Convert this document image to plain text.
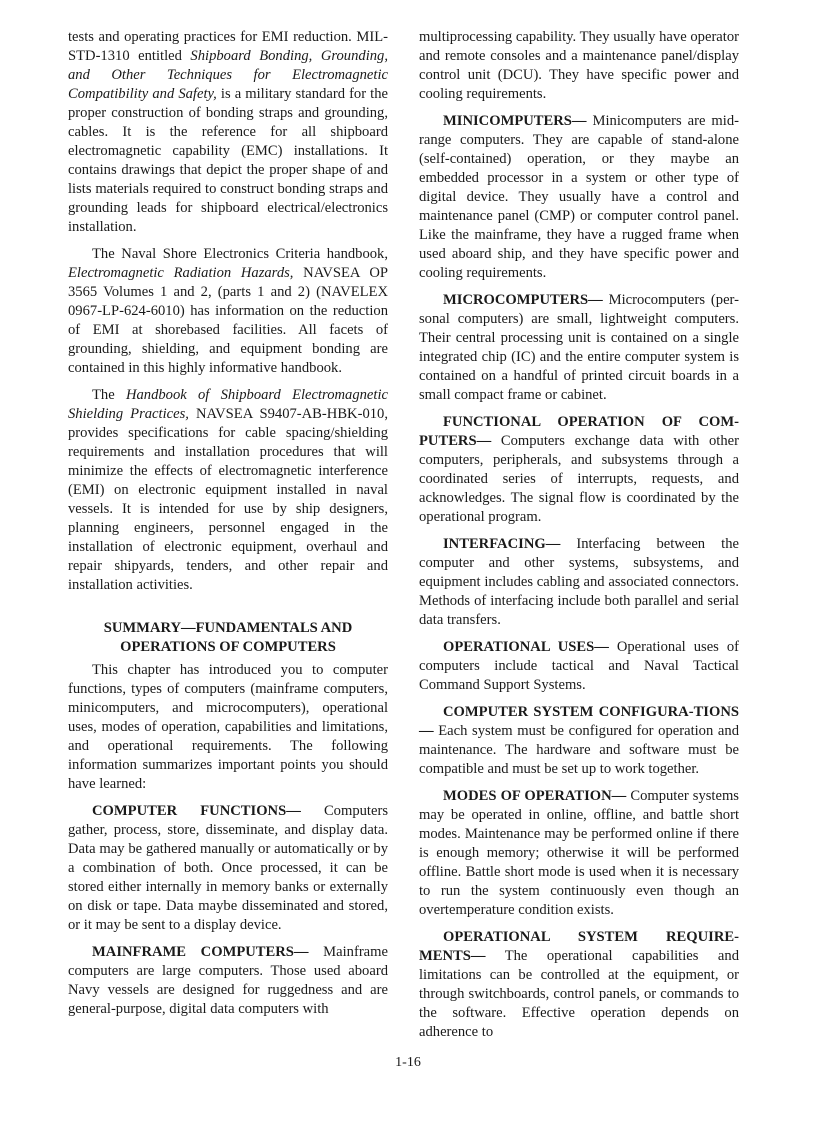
tests and operating practices for EMI reduction. MIL-STD-1310 entitled Shipboard Bonding, Grounding, and Other Techniques for Electromagnetic Compatibility and Safety, is a military standard for the proper construction of bonding straps and grounding, cables. It is the reference for all shipboard electromagnetic capability (EMC) installations. It contains drawings that depict the proper shape of and lists materials required to construct bonding straps and grounding leads for shipboard electrical/electronics installation.

The Naval Shore Electronics Criteria handbook, Electromagnetic Radiation Hazards, NAVSEA OP 3565 Volumes 1 and 2, (parts 1 and 2) (NAVELEX 0967-LP-624-6010) has information on the reduction of EMI at shorebased facilities. All facets of grounding, shielding, and equipment bonding are contained in this highly informative handbook.

The Handbook of Shipboard Electromagnetic Shielding Practices, NAVSEA S9407-AB-HBK-010, provides specifications for cable spacing/shielding requirements and installation procedures that will minimize the effects of electromagnetic interference (EMI) on electronic equipment installed in naval vessels. It is intended for use by ship designers, planning engineers, personnel engaged in the installation of electronic equipment, overhaul and repair shipyards, tenders, and other repair and installation activities.

SUMMARY—FUNDAMENTALS AND
OPERATIONS OF COMPUTERS

This chapter has introduced you to computer functions, types of computers (mainframe computers, minicomputers, and microcomputers), operational uses, modes of operation, capabilities and limitations, and operational requirements. The following information summarizes important points you should have learned:

COMPUTER FUNCTIONS— Computers gather, process, store, disseminate, and display data. Data may be gathered manually or automatically or by a combination of both. Once processed, it can be stored either internally in memory banks or externally on disk or tape. Data maybe disseminated and stored, or it may be sent to a display device.

MAINFRAME COMPUTERS— Mainframe computers are large computers. Those used aboard Navy vessels are designed for ruggedness and are general-purpose, digital data computers with

multiprocessing capability. They usually have operator and remote consoles and a maintenance panel/display control unit (DCU). They have specific power and cooling requirements.

MINICOMPUTERS— Minicomputers are mid-range computers. They are capable of stand-alone (self-contained) operation, or they maybe an embedded processor in a system or other type of digital device. They usually have a control and maintenance panel (CMP) or computer control panel. Like the mainframe, they have a rugged frame when used aboard ship, and they have specific power and cooling requirements.

MICROCOMPUTERS— Microcomputers (per-sonal computers) are small, lightweight computers. Their central processing unit is contained on a single integrated chip (IC) and the entire computer system is contained on a handful of printed circuit boards in a small compact frame or cabinet.

FUNCTIONAL OPERATION OF COM-PUTERS— Computers exchange data with other computers, peripherals, and subsystems through a coordinated series of interrupts, requests, and acknowledges. The signal flow is coordinated by the operational program.

INTERFACING— Interfacing between the computer and other systems, subsystems, and equipment includes cabling and associated connectors. Methods of interfacing include both parallel and serial data transfers.

OPERATIONAL USES— Operational uses of computers include tactical and Naval Tactical Command Support Systems.

COMPUTER SYSTEM CONFIGURA-TIONS— Each system must be configured for operation and maintenance. The hardware and software must be compatible and must be set up to work together.

MODES OF OPERATION— Computer systems may be operated in online, offline, and battle short modes. Maintenance may be performed online if there is enough memory; otherwise it will be performed offline. Battle short mode is used when it is necessary to run the system continuously even though an overtemperature condition exists.

OPERATIONAL SYSTEM REQUIRE-MENTS— The operational capabilities and limitations can be controlled at the equipment, or through switchboards, control panels, or commands to the software. Effective operation depends on adherence to

1-16
